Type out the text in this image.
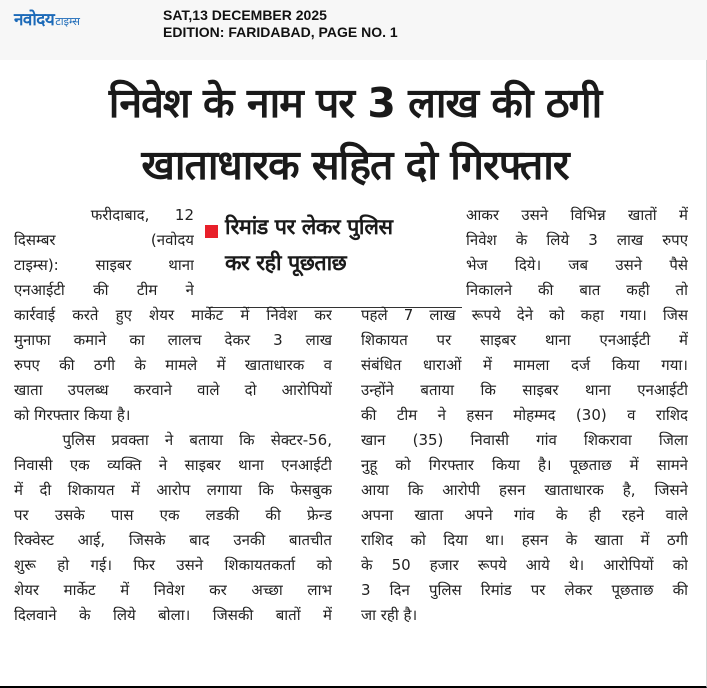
नवोदय टाइम्स	SAT,13 DECEMBER 2025
EDITION: FARIDABAD, PAGE NO. 1
निवेश के नाम पर 3 लाख की ठगी
खाताधारक सहित दो गिरफ्तार
रिमांड पर लेकर पुलिस
कर रही पूछताछ
फरीदाबाद, 12
दिसम्बर (नवोदय
टाइम्स): साइबर थाना
एनआईटी की टीम ने
कार्रवाई करते हुए शेयर मार्केट में निवेश कर
मुनाफा कमाने का लालच देकर 3 लाख
रुपए की ठगी के मामले में खाताधारक व
खाता उपलब्ध करवाने वाले दो आरोपियों
को गिरफ्तार किया है।
पुलिस प्रवक्ता ने बताया कि सेक्टर-56,
निवासी एक व्यक्ति ने साइबर थाना एनआईटी
में दी शिकायत में आरोप लगाया कि फेसबुक
पर उसके पास एक लडकी की फ्रेन्ड
रिक्वेस्ट आई, जिसके बाद उनकी बातचीत
शुरू हो गई। फिर उसने शिकायतकर्ता को
शेयर मार्केट में निवेश कर अच्छा लाभ
दिलवाने के लिये बोला। जिसकी बातों में
आकर उसने विभिन्न खातों में
निवेश के लिये 3 लाख रुपए
भेज दिये। जब उसने पैसे
निकालने की बात कही तो
पहले 7 लाख रूपये देने को कहा गया। जिस
शिकायत पर साइबर थाना एनआईटी में
संबंधित धाराओं में मामला दर्ज किया गया।
उन्होंने बताया कि साइबर थाना एनआईटी
की टीम ने हसन मोहम्मद (30) व राशिद
खान (35) निवासी गांव शिकरावा जिला
नुहू को गिरफ्तार किया है। पूछताछ में सामने
आया कि आरोपी हसन खाताधारक है, जिसने
अपना खाता अपने गांव के ही रहने वाले
राशिद को दिया था। हसन के खाता में ठगी
के 50 हजार रूपये आये थे। आरोपियों को
3 दिन पुलिस रिमांड पर लेकर पूछताछ की
जा रही है।
